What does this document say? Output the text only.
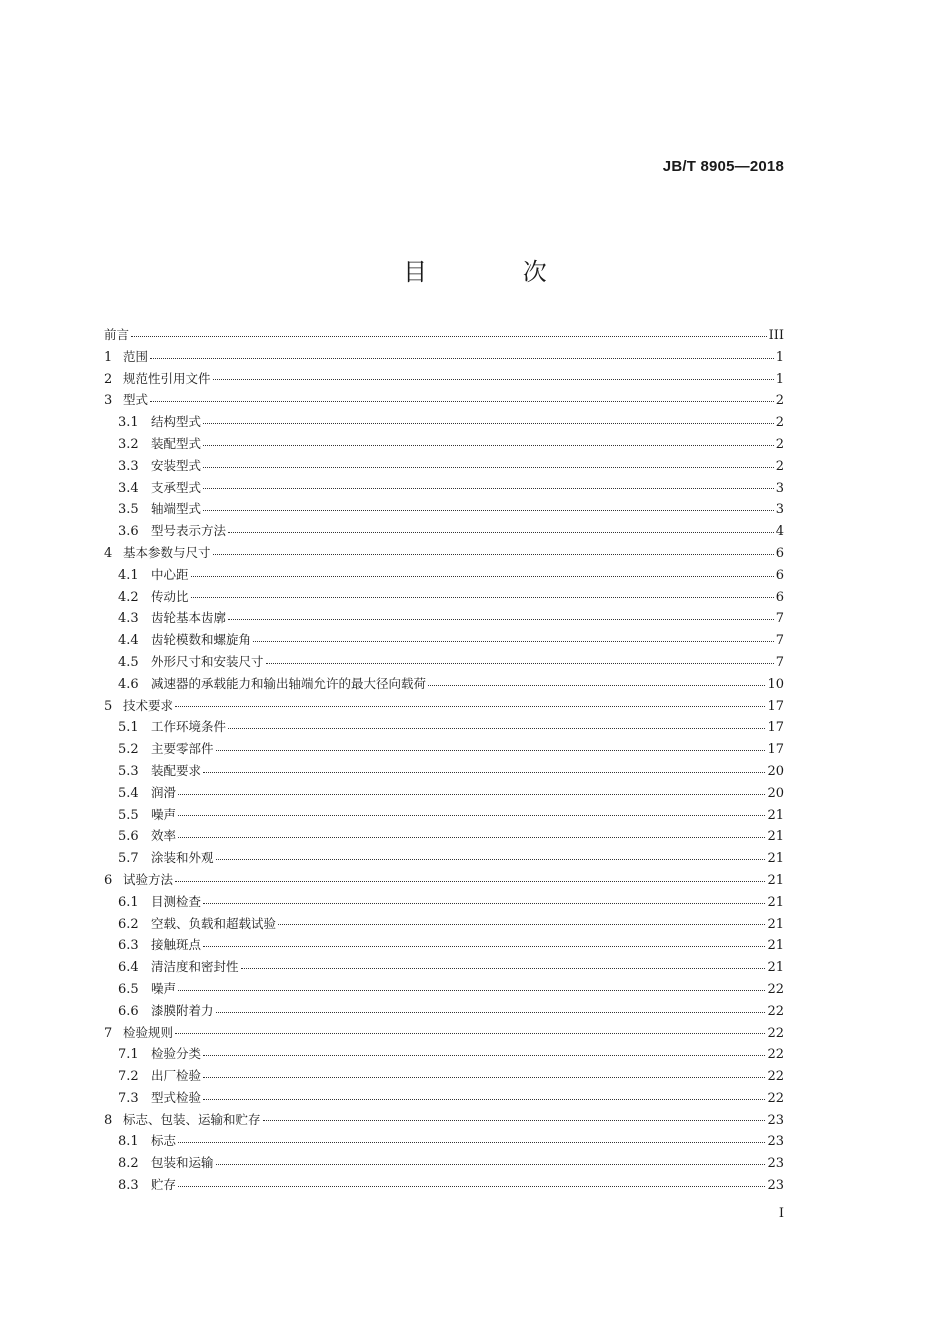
JB/T 8905—2018
目 次
前言	III
1 范围	1
2 规范性引用文件	1
3 型式	2
3.1 结构型式	2
3.2 装配型式	2
3.3 安装型式	2
3.4 支承型式	3
3.5 轴端型式	3
3.6 型号表示方法	4
4 基本参数与尺寸	6
4.1 中心距	6
4.2 传动比	6
4.3 齿轮基本齿廓	7
4.4 齿轮模数和螺旋角	7
4.5 外形尺寸和安装尺寸	7
4.6 减速器的承载能力和输出轴端允许的最大径向载荷	10
5 技术要求	17
5.1 工作环境条件	17
5.2 主要零部件	17
5.3 装配要求	20
5.4 润滑	20
5.5 噪声	21
5.6 效率	21
5.7 涂装和外观	21
6 试验方法	21
6.1 目测检查	21
6.2 空载、负载和超载试验	21
6.3 接触斑点	21
6.4 清洁度和密封性	21
6.5 噪声	22
6.6 漆膜附着力	22
7 检验规则	22
7.1 检验分类	22
7.2 出厂检验	22
7.3 型式检验	22
8 标志、包装、运输和贮存	23
8.1 标志	23
8.2 包装和运输	23
8.3 贮存	23
I
